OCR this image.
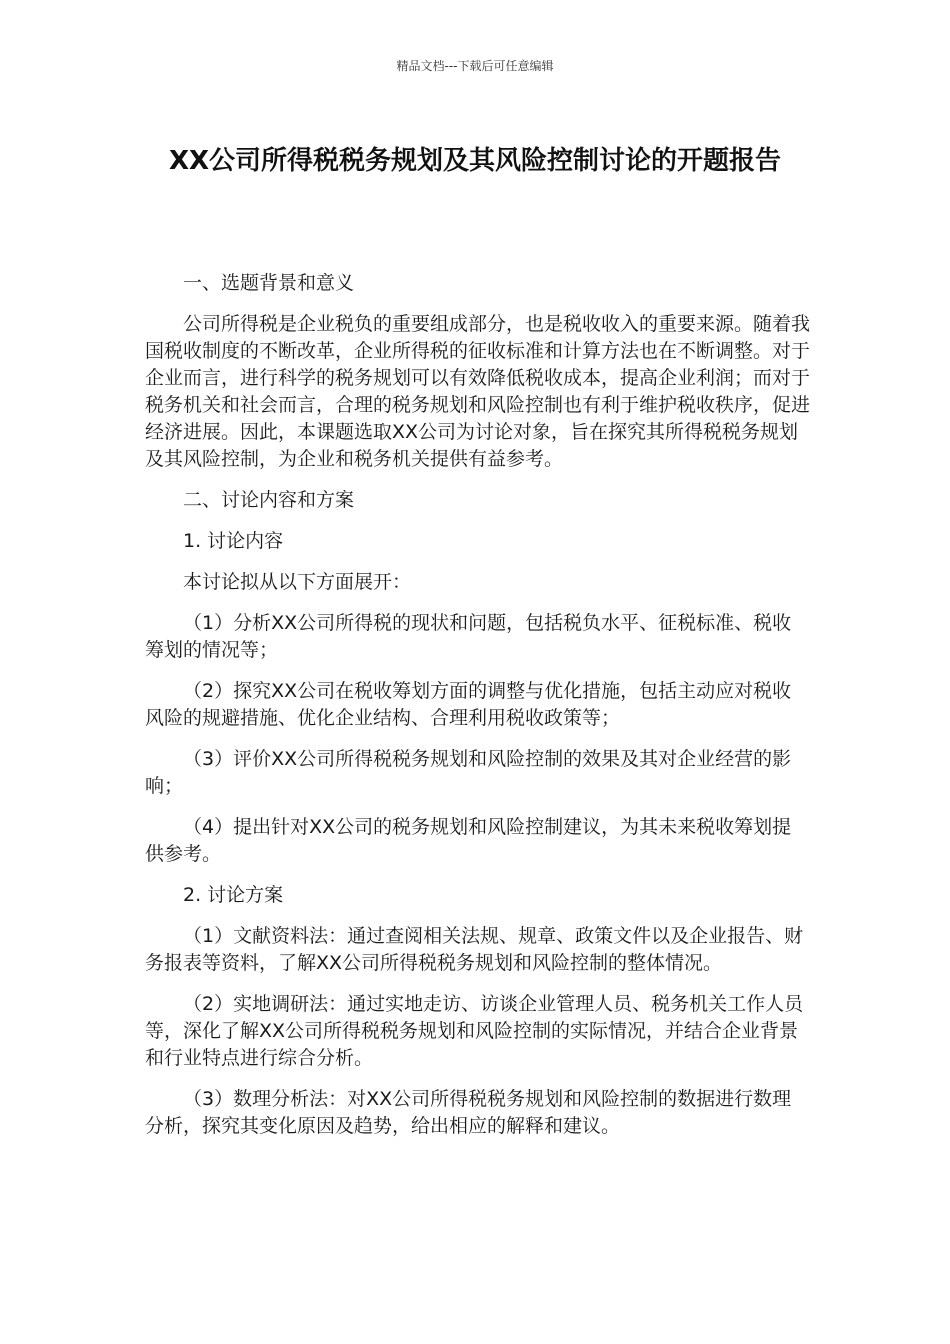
精品文档---下载后可任意编辑
XX公司所得税税务规划及其风险控制讨论的开题报告

一、选题背景和意义

公司所得税是企业税负的重要组成部分，也是税收收入的重要来源。随着我国税收制度的不断改革，企业所得税的征收标准和计算方法也在不断调整。对于企业而言，进行科学的税务规划可以有效降低税收成本，提高企业利润；而对于税务机关和社会而言，合理的税务规划和风险控制也有利于维护税收秩序，促进经济进展。因此，本课题选取XX公司为讨论对象，旨在探究其所得税税务规划及其风险控制，为企业和税务机关提供有益参考。

二、讨论内容和方案

1. 讨论内容

本讨论拟从以下方面展开：

（1）分析XX公司所得税的现状和问题，包括税负水平、征税标准、税收筹划的情况等；

（2）探究XX公司在税收筹划方面的调整与优化措施，包括主动应对税收风险的规避措施、优化企业结构、合理利用税收政策等；

（3）评价XX公司所得税税务规划和风险控制的效果及其对企业经营的影响；

（4）提出针对XX公司的税务规划和风险控制建议，为其未来税收筹划提供参考。

2. 讨论方案

（1）文献资料法：通过查阅相关法规、规章、政策文件以及企业报告、财务报表等资料，了解XX公司所得税税务规划和风险控制的整体情况。

（2）实地调研法：通过实地走访、访谈企业管理人员、税务机关工作人员等，深化了解XX公司所得税税务规划和风险控制的实际情况，并结合企业背景和行业特点进行综合分析。

（3）数理分析法：对XX公司所得税税务规划和风险控制的数据进行数理分析，探究其变化原因及趋势，给出相应的解释和建议。
